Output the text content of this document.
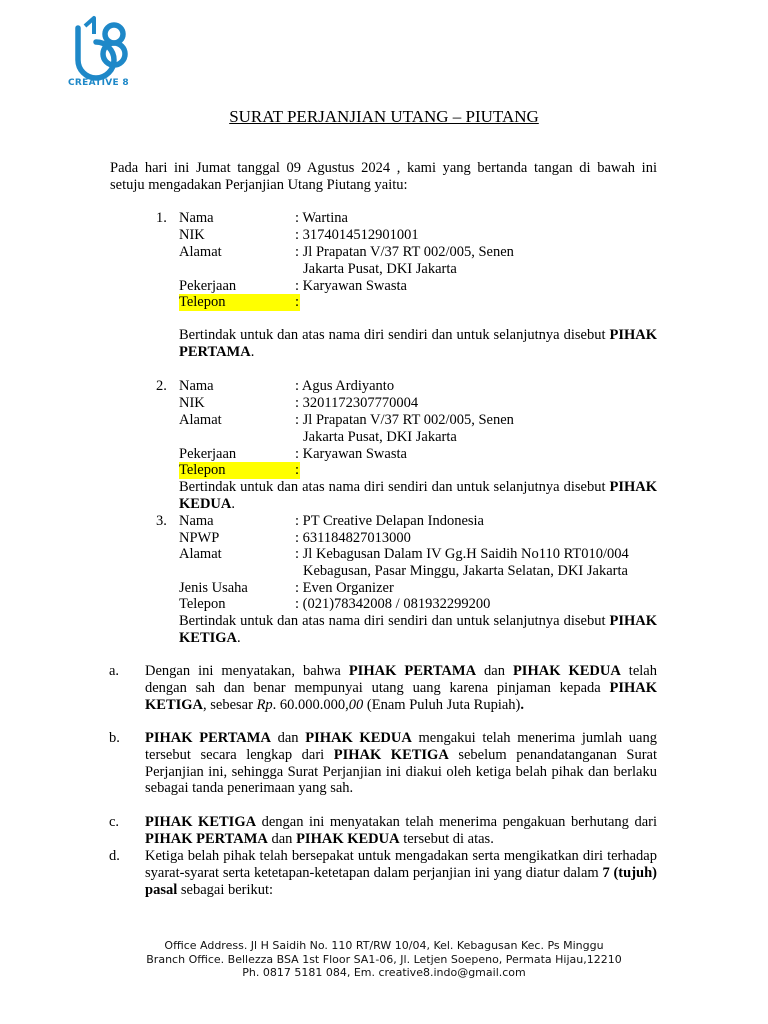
CREATIVE 8
SURAT PERJANJIAN UTANG – PIUTANG
Pada hari ini Jumat tanggal 09 Agustus 2024 , kami yang bertanda tangan di bawah ini
setuju mengadakan Perjanjian Utang Piutang yaitu:
1. Nama	: Wartina
NIK	: 3174014512901001
Alamat	: Jl Prapatan V/37 RT 002/005, Senen
Jakarta Pusat, DKI Jakarta
Pekerjaan	: Karyawan Swasta
Telepon	:
Bertindak untuk dan atas nama diri sendiri dan untuk selanjutnya disebut PIHAK PERTAMA.
2. Nama	: Agus Ardiyanto
NIK	: 3201172307770004
Alamat	: Jl Prapatan V/37 RT 002/005, Senen
Jakarta Pusat, DKI Jakarta
Pekerjaan	: Karyawan Swasta
Telepon	:
Bertindak untuk dan atas nama diri sendiri dan untuk selanjutnya disebut PIHAK KEDUA.
3. Nama	: PT Creative Delapan Indonesia
NPWP	: 631184827013000
Alamat	: Jl Kebagusan Dalam IV Gg.H Saidih No110 RT010/004
Kebagusan, Pasar Minggu, Jakarta Selatan, DKI Jakarta
Jenis Usaha	: Even Organizer
Telepon	: (021)78342008 / 081932299200
Bertindak untuk dan atas nama diri sendiri dan untuk selanjutnya disebut PIHAK KETIGA.
a. Dengan ini menyatakan, bahwa PIHAK PERTAMA dan PIHAK KEDUA telah dengan sah dan benar mempunyai utang uang karena pinjaman kepada PIHAK KETIGA, sebesar Rp. 60.000.000,00 (Enam Puluh Juta Rupiah).
b. PIHAK PERTAMA dan PIHAK KEDUA mengakui telah menerima jumlah uang tersebut secara lengkap dari PIHAK KETIGA sebelum penandatanganan Surat Perjanjian ini, sehingga Surat Perjanjian ini diakui oleh ketiga belah pihak dan berlaku sebagai tanda penerimaan yang sah.
c. PIHAK KETIGA dengan ini menyatakan telah menerima pengakuan berhutang dari PIHAK PERTAMA dan PIHAK KEDUA tersebut di atas.
d. Ketiga belah pihak telah bersepakat untuk mengadakan serta mengikatkan diri terhadap syarat-syarat serta ketetapan-ketetapan dalam perjanjian ini yang diatur dalam 7 (tujuh) pasal sebagai berikut:
Office Address. Jl H Saidih No. 110 RT/RW 10/04, Kel. Kebagusan Kec. Ps Minggu
Branch Office. Bellezza BSA 1st Floor SA1-06, Jl. Letjen Soepeno, Permata Hijau,12210
Ph. 0817 5181 084, Em. creative8.indo@gmail.com
